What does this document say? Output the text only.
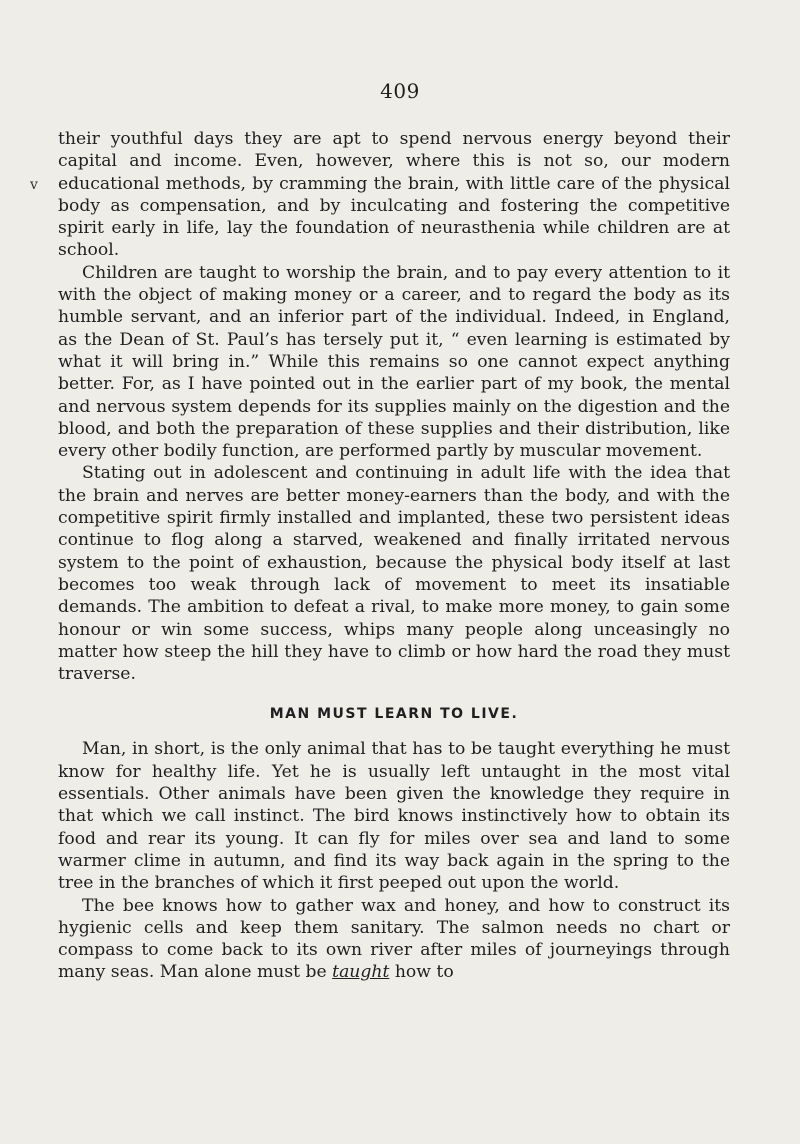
409
v

their youthful days they are apt to spend nervous energy beyond their capital and income. Even, however, where this is not so, our modern educational methods, by cramming the brain, with little care of the physical body as compensation, and by inculcating and fostering the competitive spirit early in life, lay the foundation of neurasthenia while children are at school.

Children are taught to worship the brain, and to pay every attention to it with the object of making money or a career, and to regard the body as its humble servant, and an inferior part of the individual. Indeed, in England, as the Dean of St. Paul’s has tersely put it, “ even learning is estimated by what it will bring in.” While this remains so one cannot expect anything better. For, as I have pointed out in the earlier part of my book, the mental and nervous system depends for its supplies mainly on the digestion and the blood, and both the preparation of these supplies and their distribution, like every other bodily function, are performed partly by muscular movement.

Stating out in adolescent and continuing in adult life with the idea that the brain and nerves are better money-earners than the body, and with the competitive spirit firmly installed and implanted, these two persistent ideas continue to flog along a starved, weakened and finally irritated nervous system to the point of exhaustion, because the physical body itself at last becomes too weak through lack of movement to meet its insatiable demands. The ambition to defeat a rival, to make more money, to gain some honour or win some success, whips many people along unceasingly no matter how steep the hill they have to climb or how hard the road they must traverse.

MAN MUST LEARN TO LIVE.

Man, in short, is the only animal that has to be taught everything he must know for healthy life. Yet he is usually left untaught in the most vital essentials. Other animals have been given the knowledge they require in that which we call instinct. The bird knows instinctively how to obtain its food and rear its young. It can fly for miles over sea and land to some warmer clime in autumn, and find its way back again in the spring to the tree in the branches of which it first peeped out upon the world.

The bee knows how to gather wax and honey, and how to construct its hygienic cells and keep them sanitary. The salmon needs no chart or compass to come back to its own river after miles of journeyings through many seas. Man alone must be taught how to
